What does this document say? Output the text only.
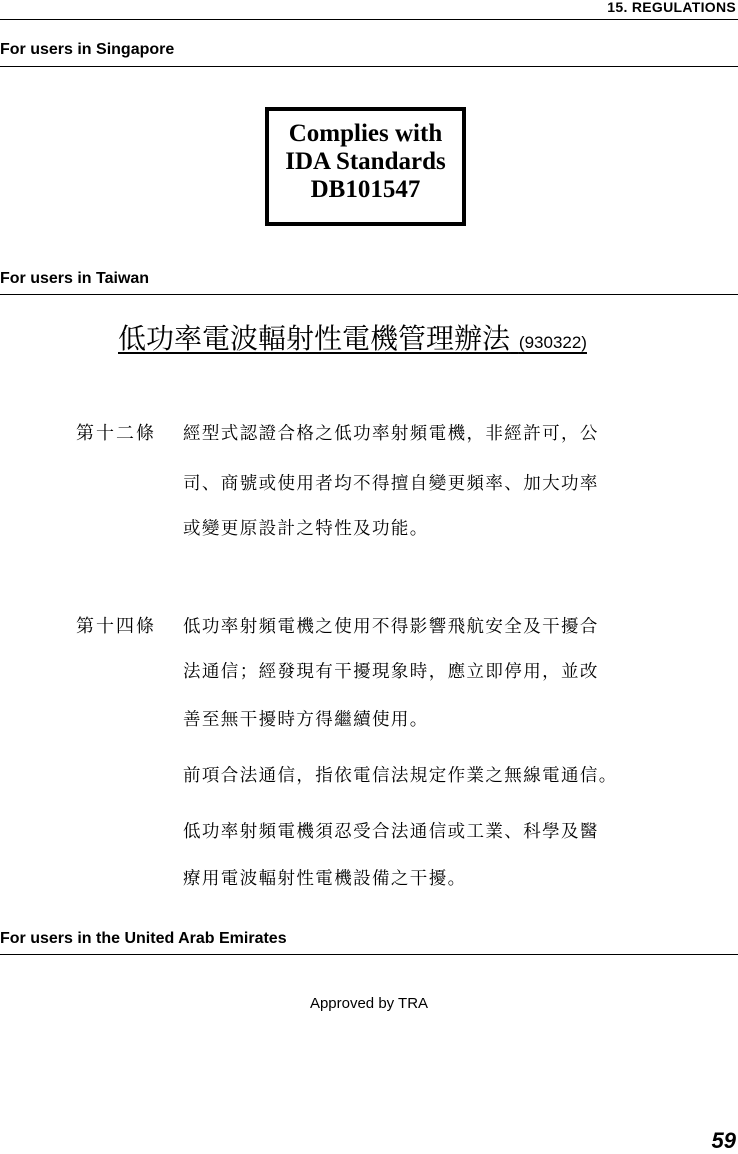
15. REGULATIONS
For users in Singapore
Complies with
IDA Standards
DB101547
For users in Taiwan
低功率電波輻射性電機管理辦法 (930322)
第十二條 經型式認證合格之低功率射頻電機，非經許可，公
司、商號或使用者均不得擅自變更頻率、加大功率
或變更原設計之特性及功能。
第十四條 低功率射頻電機之使用不得影響飛航安全及干擾合
法通信；經發現有干擾現象時，應立即停用，並改
善至無干擾時方得繼續使用。
前項合法通信，指依電信法規定作業之無線電通信。
低功率射頻電機須忍受合法通信或工業、科學及醫
療用電波輻射性電機設備之干擾。
For users in the United Arab Emirates
Approved by TRA
59
